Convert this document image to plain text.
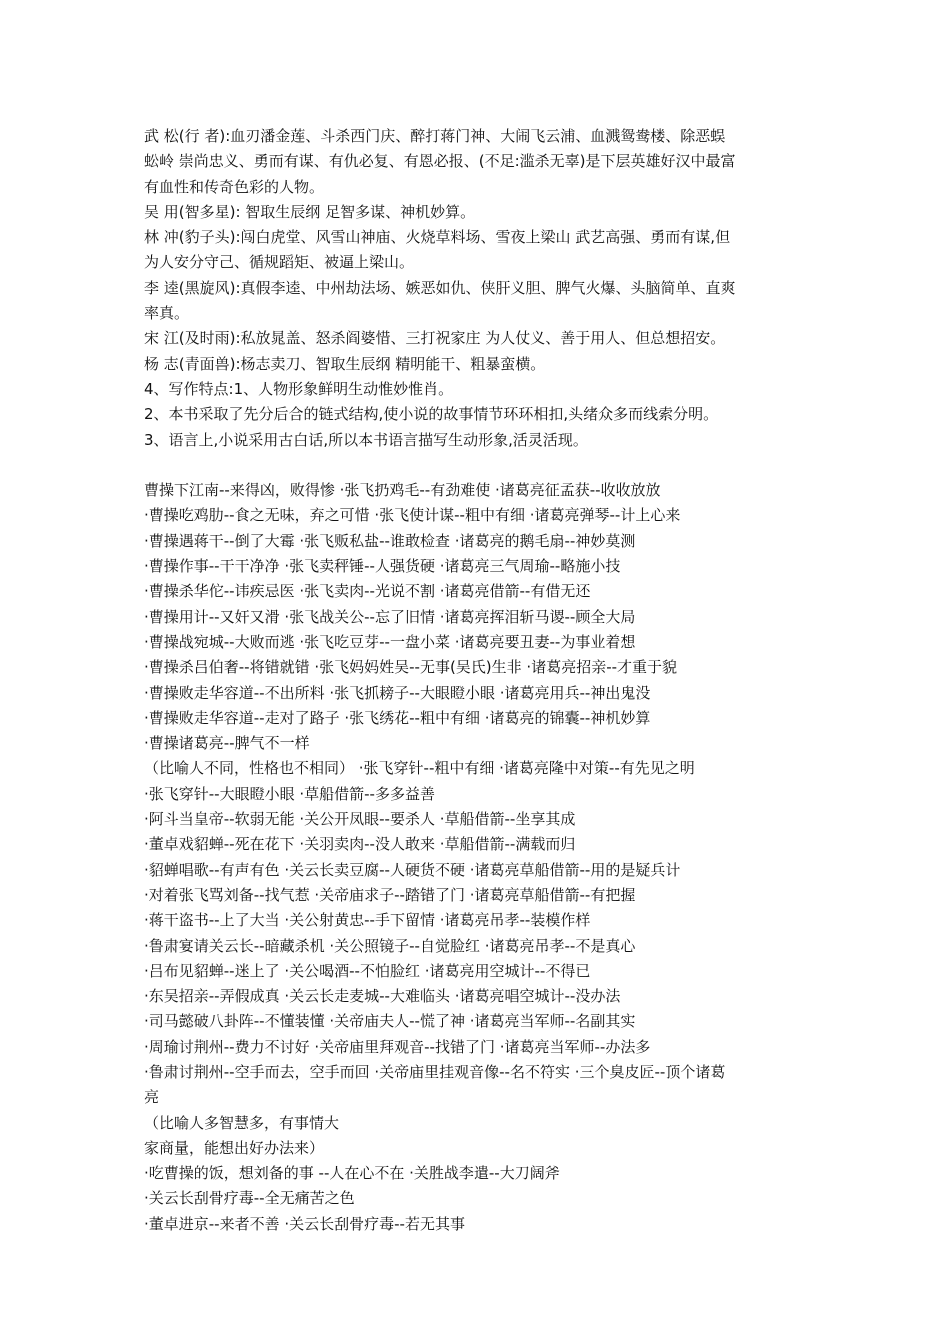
武 松(行 者):血刃潘金莲、斗杀西门庆、醉打蒋门神、大闹飞云浦、血溅鸳鸯楼、除恶蜈

蚣岭 崇尚忠义、勇而有谋、有仇必复、有恩必报、(不足:滥杀无辜)是下层英雄好汉中最富

有血性和传奇色彩的人物。

吴 用(智多星): 智取生辰纲 足智多谋、神机妙算。

林 冲(豹子头):闯白虎堂、风雪山神庙、火烧草料场、雪夜上梁山 武艺高强、勇而有谋,但

为人安分守己、循规蹈矩、被逼上梁山。

李 逵(黑旋风):真假李逵、中州劫法场、嫉恶如仇、侠肝义胆、脾气火爆、头脑简单、直爽

率真。

宋 江(及时雨):私放晁盖、怒杀阎婆惜、三打祝家庄 为人仗义、善于用人、但总想招安。

杨 志(青面兽):杨志卖刀、智取生辰纲 精明能干、粗暴蛮横。

4、写作特点:1、人物形象鲜明生动惟妙惟肖。

2、本书采取了先分后合的链式结构,使小说的故事情节环环相扣,头绪众多而线索分明。

3、语言上,小说采用古白话,所以本书语言描写生动形象,活灵活现。

曹操下江南--来得凶，败得惨 ·张飞扔鸡毛--有劲难使 ·诸葛亮征孟获--收收放放

·曹操吃鸡肋--食之无味，弃之可惜 ·张飞使计谋--粗中有细 ·诸葛亮弹琴--计上心来

·曹操遇蒋干--倒了大霉 ·张飞贩私盐--谁敢检查 ·诸葛亮的鹅毛扇--神妙莫测

·曹操作事--干干净净 ·张飞卖秤锤--人强货硬 ·诸葛亮三气周瑜--略施小技

·曹操杀华佗--讳疾忌医 ·张飞卖肉--光说不割 ·诸葛亮借箭--有借无还

·曹操用计--又奸又滑 ·张飞战关公--忘了旧情 ·诸葛亮挥泪斩马谡--顾全大局

·曹操战宛城--大败而逃 ·张飞吃豆芽--一盘小菜 ·诸葛亮要丑妻--为事业着想

·曹操杀吕伯奢--将错就错 ·张飞妈妈姓吴--无事(吴氏)生非 ·诸葛亮招亲--才重于貌

·曹操败走华容道--不出所料 ·张飞抓耪子--大眼瞪小眼 ·诸葛亮用兵--神出鬼没

·曹操败走华容道--走对了路子 ·张飞绣花--粗中有细 ·诸葛亮的锦囊--神机妙算

·曹操诸葛亮--脾气不一样

（比喻人不同，性格也不相同） ·张飞穿针--粗中有细 ·诸葛亮隆中对策--有先见之明

·张飞穿针--大眼瞪小眼 ·草船借箭--多多益善

·阿斗当皇帝--软弱无能 ·关公开凤眼--要杀人 ·草船借箭--坐享其成

·董卓戏貂蝉--死在花下 ·关羽卖肉--没人敢来 ·草船借箭--满载而归

·貂蝉唱歌--有声有色 ·关云长卖豆腐--人硬货不硬 ·诸葛亮草船借箭--用的是疑兵计

·对着张飞骂刘备--找气惹 ·关帝庙求子--踏错了门 ·诸葛亮草船借箭--有把握

·蒋干盗书--上了大当 ·关公射黄忠--手下留情 ·诸葛亮吊孝--装模作样

·鲁肃宴请关云长--暗藏杀机 ·关公照镜子--自觉脸红 ·诸葛亮吊孝--不是真心

·吕布见貂蝉--迷上了 ·关公喝酒--不怕脸红 ·诸葛亮用空城计--不得已

·东吴招亲--弄假成真 ·关云长走麦城--大难临头 ·诸葛亮唱空城计--没办法

·司马懿破八卦阵--不懂装懂 ·关帝庙夫人--慌了神 ·诸葛亮当军师--名副其实

·周瑜讨荆州--费力不讨好 ·关帝庙里拜观音--找错了门 ·诸葛亮当军师--办法多

·鲁肃讨荆州--空手而去，空手而回 ·关帝庙里挂观音像--名不符实 ·三个臭皮匠--顶个诸葛

亮

（比喻人多智慧多，有事情大

家商量，能想出好办法来）

·吃曹操的饭，想刘备的事 --人在心不在 ·关胜战李遣--大刀阔斧

·关云长刮骨疗毒--全无痛苦之色

·董卓进京--来者不善 ·关云长刮骨疗毒--若无其事
